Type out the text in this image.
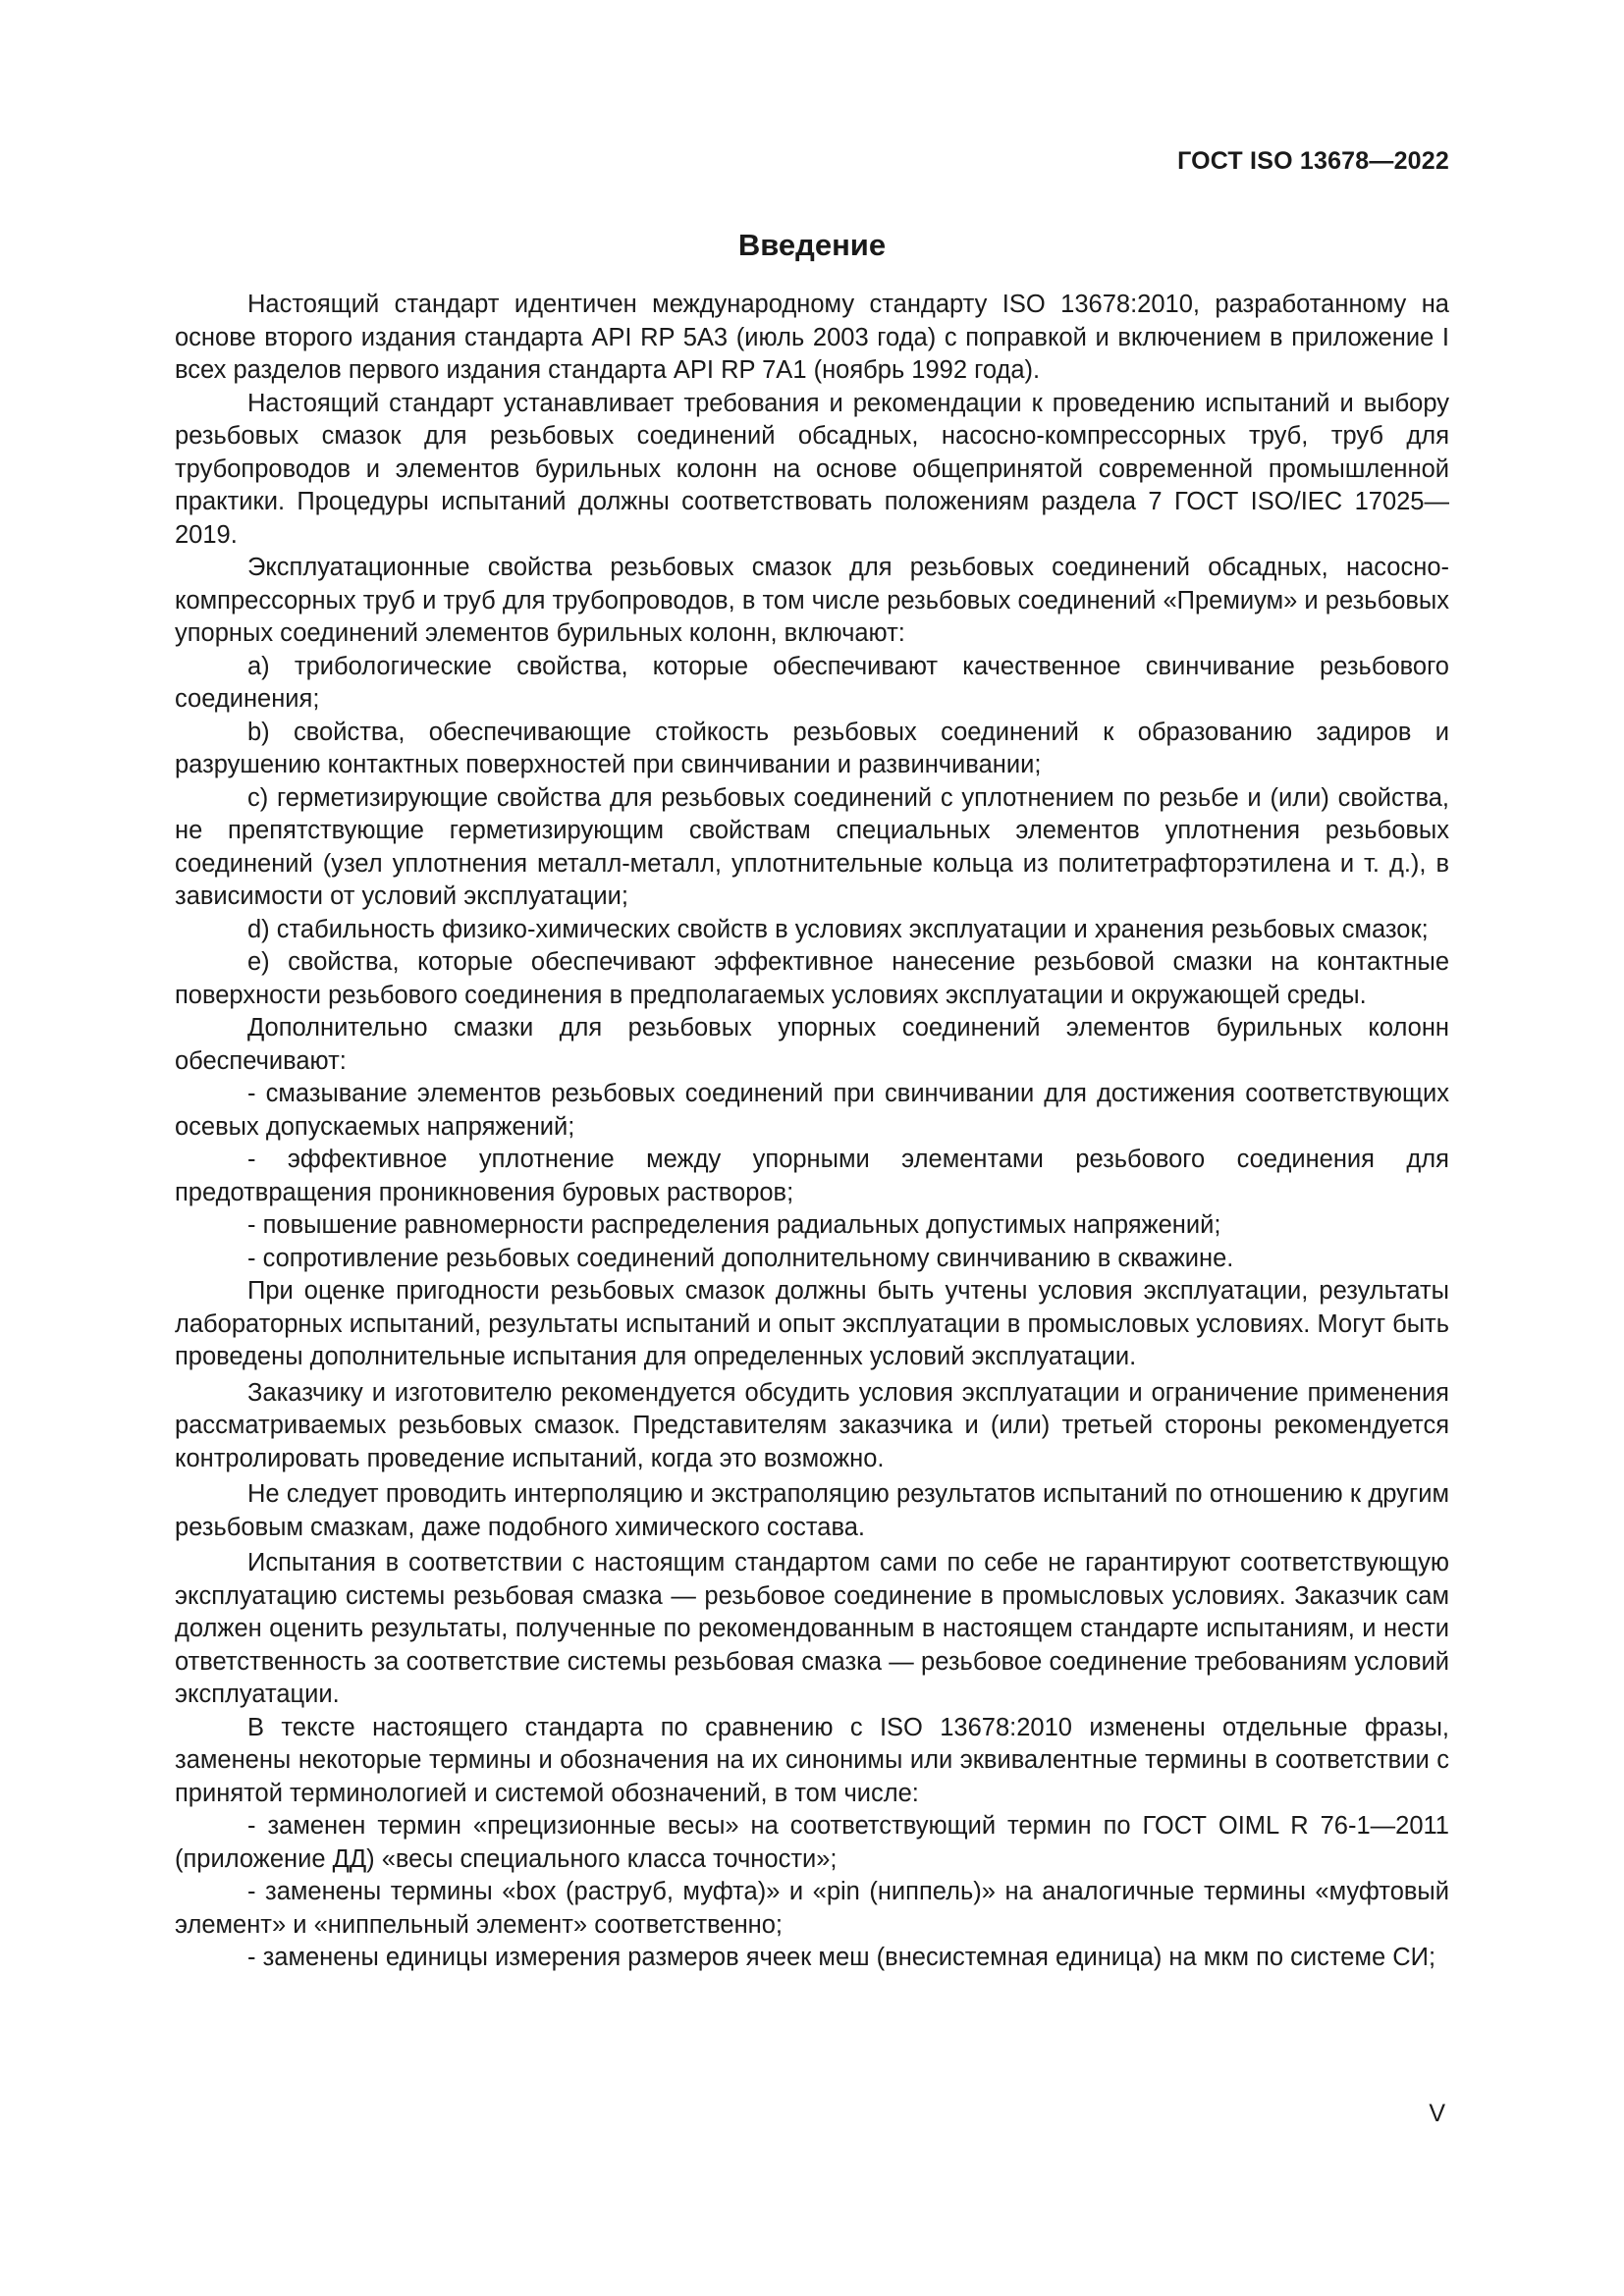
ГОСТ ISO 13678—2022
Введение

Настоящий стандарт идентичен международному стандарту ISO 13678:2010, разработанному на основе второго издания стандарта API RP 5A3 (июль 2003 года) с поправкой и включением в приложение I всех разделов первого издания стандарта API RP 7A1 (ноябрь 1992 года).

Настоящий стандарт устанавливает требования и рекомендации к проведению испытаний и выбору резьбовых смазок для резьбовых соединений обсадных, насосно-компрессорных труб, труб для трубопроводов и элементов бурильных колонн на основе общепринятой современной промышленной практики. Процедуры испытаний должны соответствовать положениям раздела 7 ГОСТ ISO/IEC 17025—2019.

Эксплуатационные свойства резьбовых смазок для резьбовых соединений обсадных, насосно-компрессорных труб и труб для трубопроводов, в том числе резьбовых соединений «Премиум» и резьбовых упорных соединений элементов бурильных колонн, включают:

a) трибологические свойства, которые обеспечивают качественное свинчивание резьбового соединения;

b) свойства, обеспечивающие стойкость резьбовых соединений к образованию задиров и разрушению контактных поверхностей при свинчивании и развинчивании;

c) герметизирующие свойства для резьбовых соединений с уплотнением по резьбе и (или) свойства, не препятствующие герметизирующим свойствам специальных элементов уплотнения резьбовых соединений (узел уплотнения металл-металл, уплотнительные кольца из политетрафторэтилена и т. д.), в зависимости от условий эксплуатации;

d) стабильность физико-химических свойств в условиях эксплуатации и хранения резьбовых смазок;

e) свойства, которые обеспечивают эффективное нанесение резьбовой смазки на контактные поверхности резьбового соединения в предполагаемых условиях эксплуатации и окружающей среды.

Дополнительно смазки для резьбовых упорных соединений элементов бурильных колонн обеспечивают:

- смазывание элементов резьбовых соединений при свинчивании для достижения соответствующих осевых допускаемых напряжений;

- эффективное уплотнение между упорными элементами резьбового соединения для предотвращения проникновения буровых растворов;

- повышение равномерности распределения радиальных допустимых напряжений;

- сопротивление резьбовых соединений дополнительному свинчиванию в скважине.

При оценке пригодности резьбовых смазок должны быть учтены условия эксплуатации, результаты лабораторных испытаний, результаты испытаний и опыт эксплуатации в промысловых условиях. Могут быть проведены дополнительные испытания для определенных условий эксплуатации.

Заказчику и изготовителю рекомендуется обсудить условия эксплуатации и ограничение применения рассматриваемых резьбовых смазок. Представителям заказчика и (или) третьей стороны рекомендуется контролировать проведение испытаний, когда это возможно.

Не следует проводить интерполяцию и экстраполяцию результатов испытаний по отношению к другим резьбовым смазкам, даже подобного химического состава.

Испытания в соответствии с настоящим стандартом сами по себе не гарантируют соответствующую эксплуатацию системы резьбовая смазка — резьбовое соединение в промысловых условиях. Заказчик сам должен оценить результаты, полученные по рекомендованным в настоящем стандарте испытаниям, и нести ответственность за соответствие системы резьбовая смазка — резьбовое соединение требованиям условий эксплуатации.

В тексте настоящего стандарта по сравнению с ISO 13678:2010 изменены отдельные фразы, заменены некоторые термины и обозначения на их синонимы или эквивалентные термины в соответствии с принятой терминологией и системой обозначений, в том числе:

- заменен термин «прецизионные весы» на соответствующий термин по ГОСТ OIML R 76-1—2011 (приложение ДД) «весы специального класса точности»;

- заменены термины «box (раструб, муфта)» и «pin (ниппель)» на аналогичные термины «муфтовый элемент» и «ниппельный элемент» соответственно;

- заменены единицы измерения размеров ячеек меш (внесистемная единица) на мкм по системе СИ;

V
